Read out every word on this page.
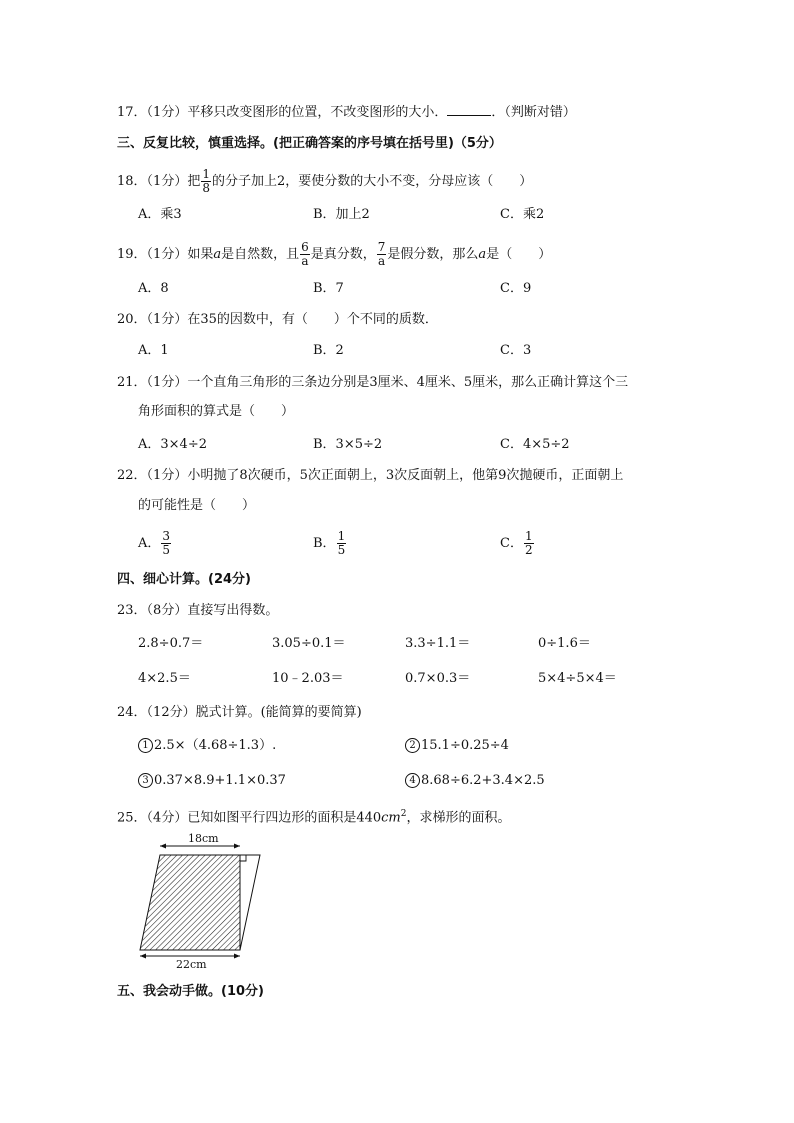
17．（1分）平移只改变图形的位置，不改变图形的大小．	．（判断对错）
三、反复比较，慎重选择。(把正确答案的序号填在括号里)（5分）
18．（1分）把 $\frac{1}{8}$ 的分子加上2，要使分数的大小不变，分母应该（　　）
A．乘3	B．加上2	C．乘2
19．（1分）如果a是自然数，且 $\frac{6}{a}$ 是真分数， $\frac{7}{a}$ 是假分数，那么a是（　　）
A．8	B．7	C．9
20．（1分）在35的因数中，有（　　）个不同的质数．
A．1	B．2	C．3
21．（1分）一个直角三角形的三条边分别是3厘米、4厘米、5厘米，那么正确计算这个三
角形面积的算式是（　　）
A．3×4÷2	B．3×5÷2	C．4×5÷2
22．（1分）小明抛了8次硬币，5次正面朝上，3次反面朝上，他第9次抛硬币，正面朝上
的可能性是（　　）
A． $\frac{3}{5}$	B． $\frac{1}{5}$	C． $\frac{1}{2}$
四、细心计算。(24分)
23．（8分）直接写出得数。
2.8÷0.7＝	3.05÷0.1＝	3.3÷1.1＝	0÷1.6＝
4×2.5＝	10﹣2.03＝	0.7×0.3＝	5×4÷5×4＝
24．（12分）脱式计算。(能简算的要简算)
1 2.5×（4.68÷1.3）.	2 15.1÷0.25÷4
3 0.37×8.9+1.1×0.37	4 8.68÷6.2+3.4×2.5
25．（4分）已知如图平行四边形的面积是$440cm^2$，求梯形的面积。
18cm
22cm
五、我会动手做。(10分)
